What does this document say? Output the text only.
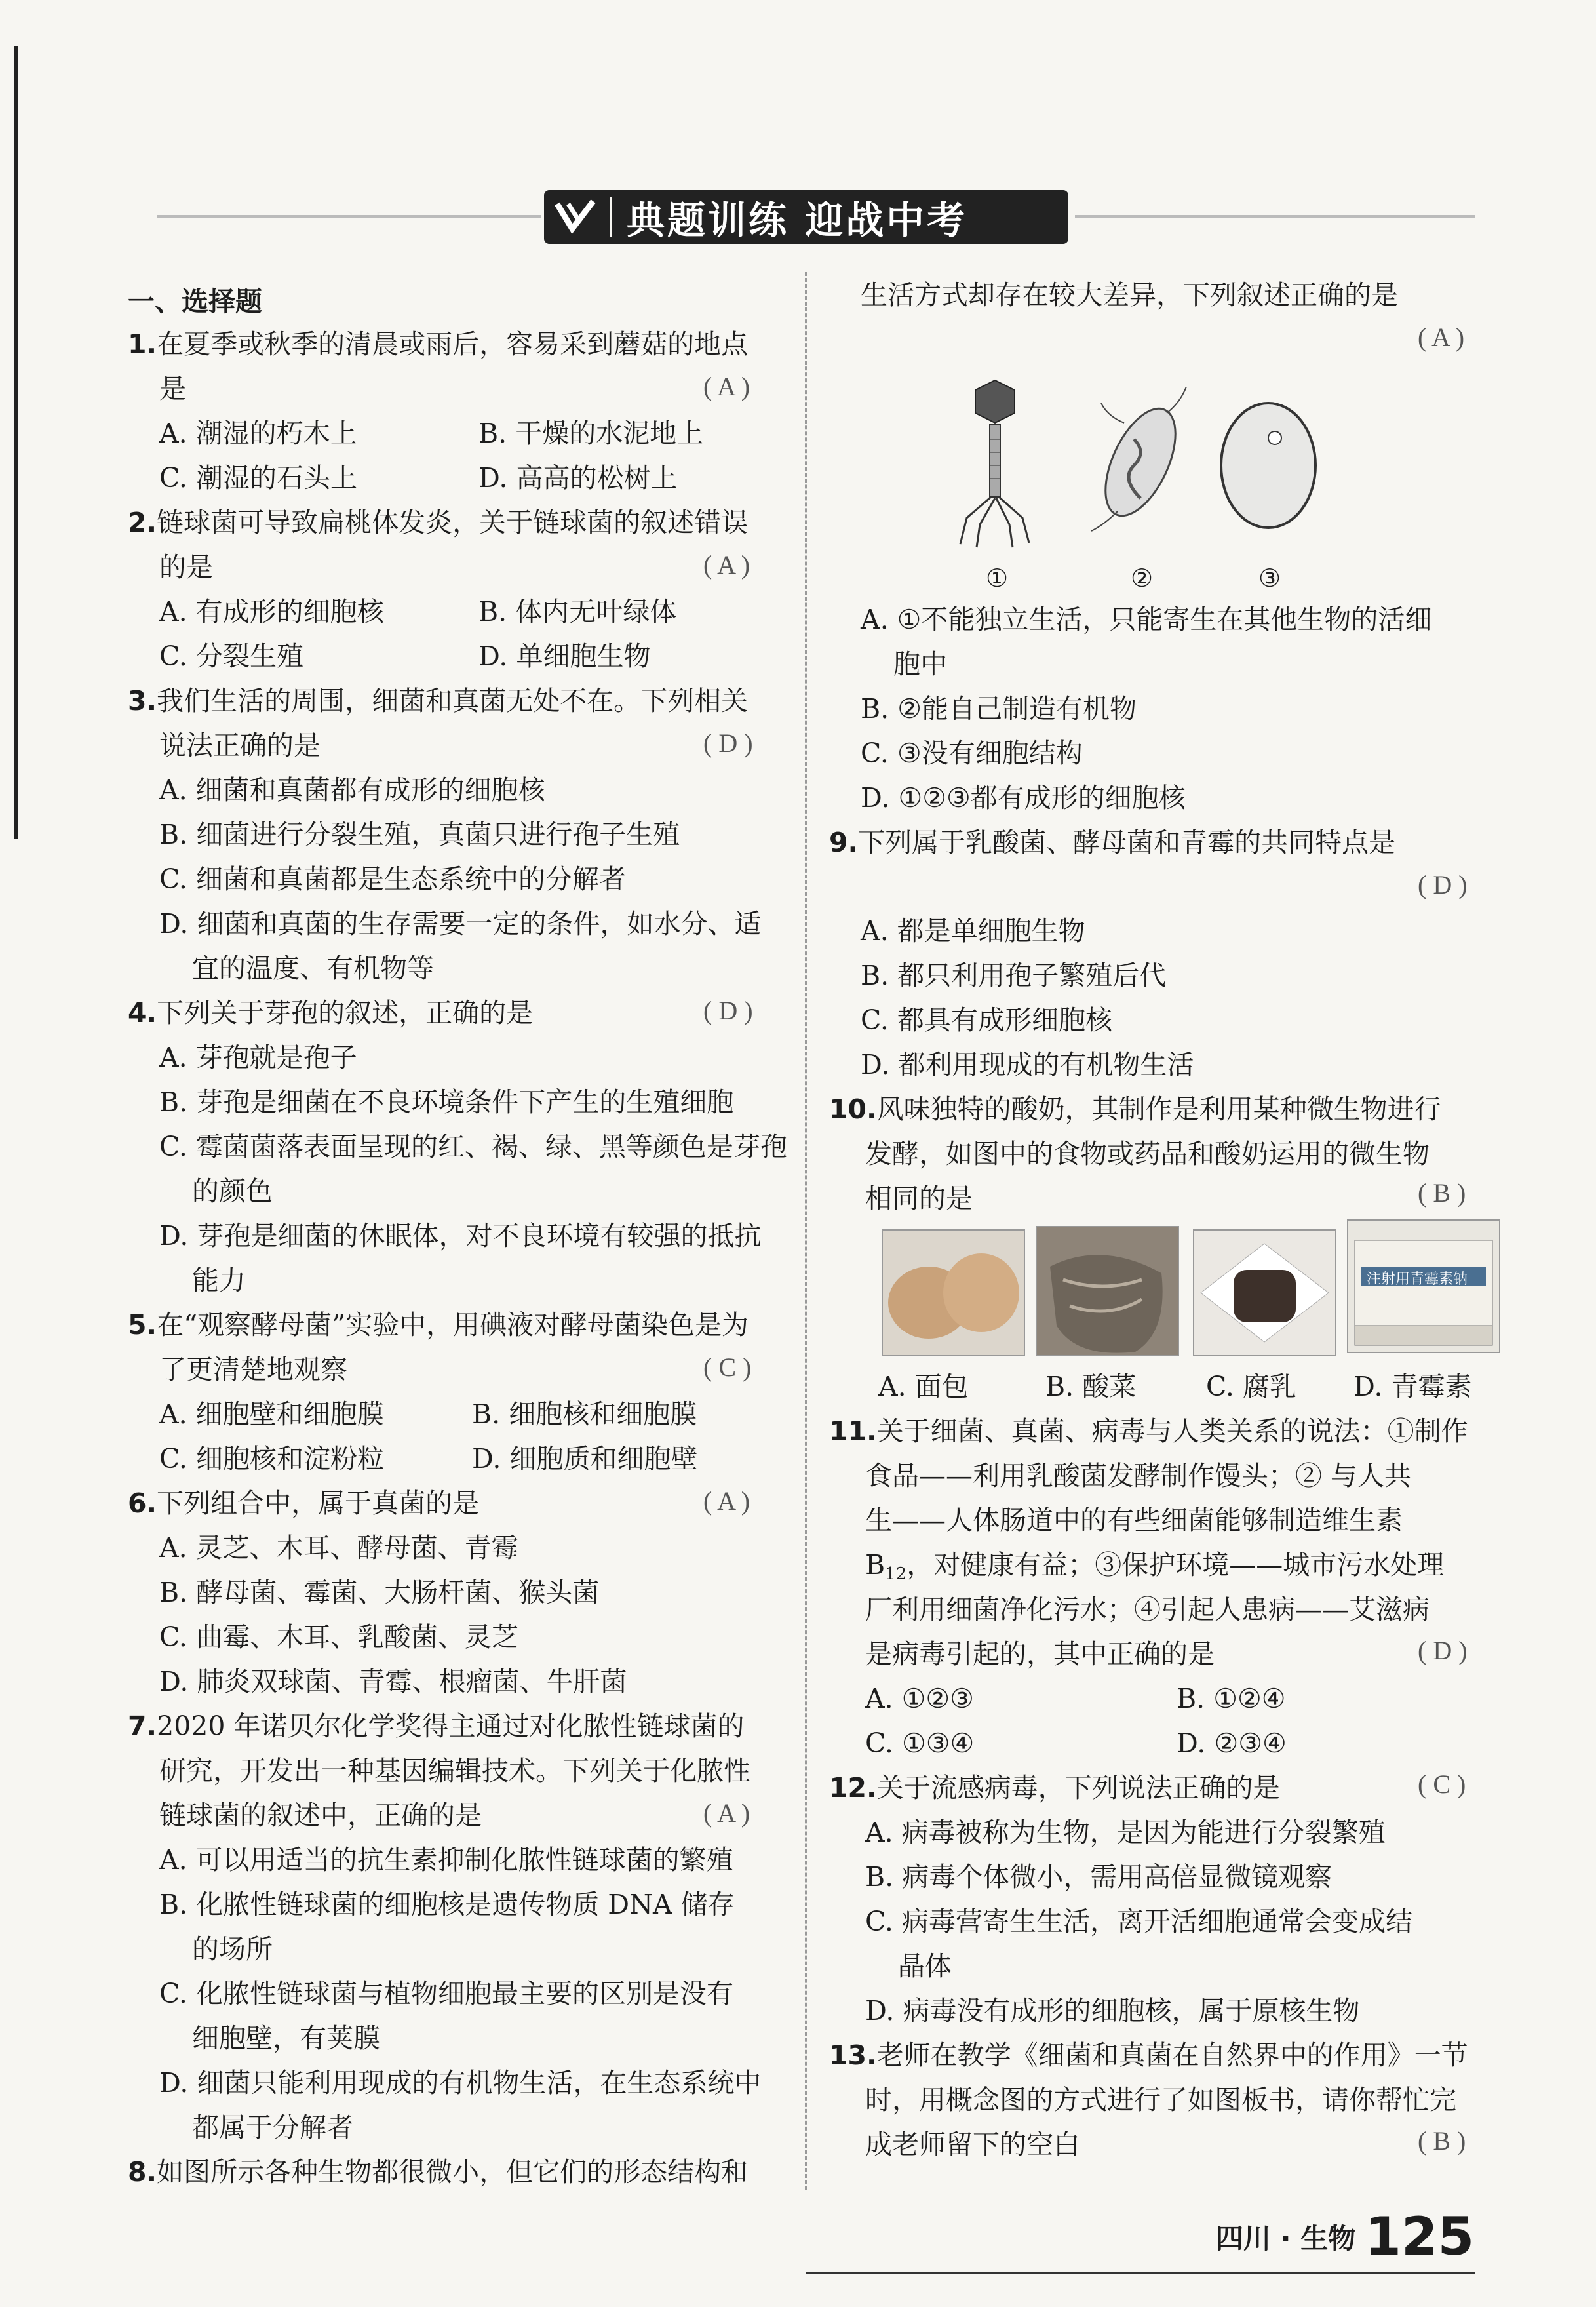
典题训练 迎战中考
一、选择题
1.在夏季或秋季的清晨或雨后，容易采到蘑菇的地点
是	( A )
A. 潮湿的朽木上	B. 干燥的水泥地上
C. 潮湿的石头上	D. 高高的松树上
2.链球菌可导致扁桃体发炎，关于链球菌的叙述错误
的是	( A )
A. 有成形的细胞核	B. 体内无叶绿体
C. 分裂生殖	D. 单细胞生物
3.我们生活的周围，细菌和真菌无处不在。下列相关
说法正确的是	( D )
A. 细菌和真菌都有成形的细胞核
B. 细菌进行分裂生殖，真菌只进行孢子生殖
C. 细菌和真菌都是生态系统中的分解者
D. 细菌和真菌的生存需要一定的条件，如水分、适
宜的温度、有机物等
4.下列关于芽孢的叙述，正确的是	( D )
A. 芽孢就是孢子
B. 芽孢是细菌在不良环境条件下产生的生殖细胞
C. 霉菌菌落表面呈现的红、褐、绿、黑等颜色是芽孢
的颜色
D. 芽孢是细菌的休眠体，对不良环境有较强的抵抗
能力
5.在“观察酵母菌”实验中，用碘液对酵母菌染色是为
了更清楚地观察	( C )
A. 细胞壁和细胞膜	B. 细胞核和细胞膜
C. 细胞核和淀粉粒	D. 细胞质和细胞壁
6.下列组合中，属于真菌的是	( A )
A. 灵芝、木耳、酵母菌、青霉
B. 酵母菌、霉菌、大肠杆菌、猴头菌
C. 曲霉、木耳、乳酸菌、灵芝
D. 肺炎双球菌、青霉、根瘤菌、牛肝菌
7.2020 年诺贝尔化学奖得主通过对化脓性链球菌的
研究，开发出一种基因编辑技术。下列关于化脓性
链球菌的叙述中，正确的是	( A )
A. 可以用适当的抗生素抑制化脓性链球菌的繁殖
B. 化脓性链球菌的细胞核是遗传物质 DNA 储存
的场所
C. 化脓性链球菌与植物细胞最主要的区别是没有
细胞壁，有荚膜
D. 细菌只能利用现成的有机物生活，在生态系统中
都属于分解者
8.如图所示各种生物都很微小，但它们的形态结构和
生活方式却存在较大差异，下列叙述正确的是
( A )
①	②	③
A. ①不能独立生活，只能寄生在其他生物的活细
胞中
B. ②能自己制造有机物
C. ③没有细胞结构
D. ①②③都有成形的细胞核
9.下列属于乳酸菌、酵母菌和青霉的共同特点是
( D )
A. 都是单细胞生物
B. 都只利用孢子繁殖后代
C. 都具有成形细胞核
D. 都利用现成的有机物生活
10.风味独特的酸奶，其制作是利用某种微生物进行
发酵，如图中的食物或药品和酸奶运用的微生物
相同的是	( B )
注射用青霉素钠
A. 面包	B. 酸菜	C. 腐乳 D. 青霉素
11.关于细菌、真菌、病毒与人类关系的说法：①制作
食品——利用乳酸菌发酵制作馒头；② 与人共
生——人体肠道中的有些细菌能够制造维生素
$B_{12}$，对健康有益；③保护环境——城市污水处理
厂利用细菌净化污水；④引起人患病——艾滋病
是病毒引起的，其中正确的是	( D )
A. ①②③	B. ①②④
C. ①③④	D. ②③④
12.关于流感病毒，下列说法正确的是	( C )
A. 病毒被称为生物，是因为能进行分裂繁殖
B. 病毒个体微小，需用高倍显微镜观察
C. 病毒营寄生生活，离开活细胞通常会变成结
晶体
D. 病毒没有成形的细胞核，属于原核生物
13.老师在教学《细菌和真菌在自然界中的作用》一节
时，用概念图的方式进行了如图板书，请你帮忙完
成老师留下的空白	( B )
四川 · 生物 125
